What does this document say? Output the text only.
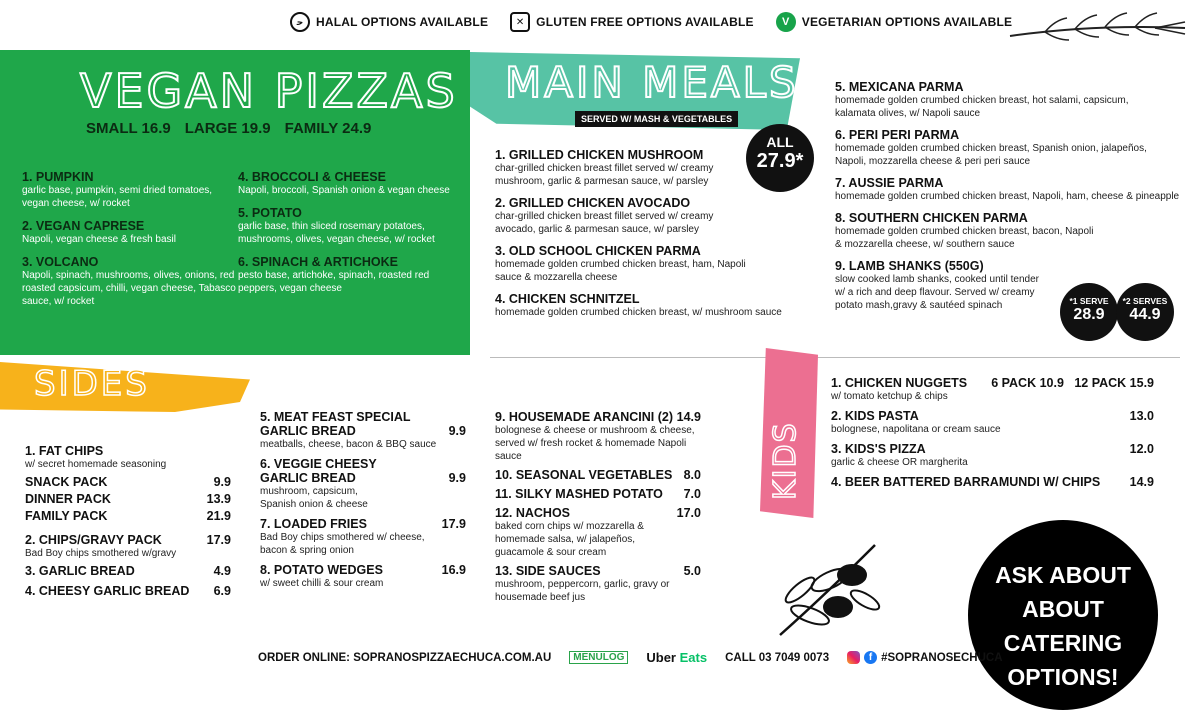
ﺣ	HALAL OPTIONS AVAILABLE	✕ GLUTEN FREE OPTIONS AVAILABLE	V	VEGETARIAN OPTIONS AVAILABLE
VEGAN PIZZAS
SMALL 16.9 LARGE 19.9 FAMILY 24.9
1. PUMPKIN
garlic base, pumpkin, semi dried tomatoes, vegan cheese, w/ rocket
2. VEGAN CAPRESE
Napoli, vegan cheese & fresh basil
3. VOLCANO
Napoli, spinach, mushrooms, olives, onions, red roasted capsicum, chilli, vegan cheese, Tabasco sauce, w/ rocket
4. BROCCOLI & CHEESE
Napoli, broccoli, Spanish onion & vegan cheese
5. POTATO
garlic base, thin sliced rosemary potatoes, mushrooms, olives, vegan cheese, w/ rocket
6. SPINACH & ARTICHOKE
pesto base, artichoke, spinach, roasted red peppers, vegan cheese
MAIN MEALS
SERVED W/ MASH & VEGETABLES
ALL
27.9*
1. GRILLED CHICKEN MUSHROOM
char-grilled chicken breast fillet served w/ creamy mushroom, garlic & parmesan sauce, w/ parsley
2. GRILLED CHICKEN AVOCADO
char-grilled chicken breast fillet served w/ creamy avocado, garlic & parmesan sauce, w/ parsley
3. OLD SCHOOL CHICKEN PARMA
homemade golden crumbed chicken breast, ham, Napoli sauce & mozzarella cheese
4. CHICKEN SCHNITZEL
homemade golden crumbed chicken breast, w/ mushroom sauce
5. MEXICANA PARMA
homemade golden crumbed chicken breast, hot salami, capsicum, kalamata olives, w/ Napoli sauce
6. PERI PERI PARMA
homemade golden crumbed chicken breast, Spanish onion, jalapeños, Napoli, mozzarella cheese & peri peri sauce
7. AUSSIE PARMA
homemade golden crumbed chicken breast, Napoli, ham, cheese & pineapple
8. SOUTHERN CHICKEN PARMA
homemade golden crumbed chicken breast, bacon, Napoli & mozzarella cheese, w/ southern sauce
9. LAMB SHANKS (550G)
slow cooked lamb shanks, cooked until tender w/ a rich and deep flavour. Served w/ creamy potato mash,gravy & sautéed spinach	*1 SERVE
28.9
*2 SERVES
44.9
SIDES
1. FAT CHIPS
w/ secret homemade seasoning
SNACK PACK	9.9
DINNER PACK	13.9
FAMILY PACK	21.9
2. CHIPS/GRAVY PACK	17.9
Bad Boy chips smothered w/gravy
3. GARLIC BREAD	4.9
4. CHEESY GARLIC BREAD 6.9
5. MEAT FEAST SPECIAL
GARLIC BREAD	9.9
meatballs, cheese, bacon & BBQ sauce
6. VEGGIE CHEESY
GARLIC BREAD	9.9
mushroom, capsicum, Spanish onion & cheese
7. LOADED FRIES	17.9
Bad Boy chips smothered w/ cheese, bacon & spring onion
8. POTATO WEDGES	16.9
w/ sweet chilli & sour cream
9. HOUSEMADE ARANCINI (2) 14.9
bolognese & cheese or mushroom & cheese, served w/ fresh rocket & homemade Napoli sauce
10. SEASONAL VEGETABLES 8.0
11. SILKY MASHED POTATO 7.0
12. NACHOS	17.0
baked corn chips w/ mozzarella & homemade salsa, w/ jalapeños, guacamole & sour cream
13. SIDE SAUCES	5.0
mushroom, peppercorn, garlic, gravy or housemade beef jus
KIDS
1. CHICKEN NUGGETS 6 PACK 10.9   12 PACK 15.9
w/ tomato ketchup & chips
2. KIDS PASTA	13.0
bolognese, napolitana or cream sauce
3. KIDS'S PIZZA	12.0
garlic & cheese OR margherita
4. BEER BATTERED BARRAMUNDI W/ CHIPS 14.9
ASK ABOUT
ABOUT CATERING
OPTIONS!
ORDER ONLINE: SOPRANOSPIZZAECHUCA.COM.AU	MENULOG	Uber Eats CALL 03 7049 0073	f #SOPRANOSECHUCA
